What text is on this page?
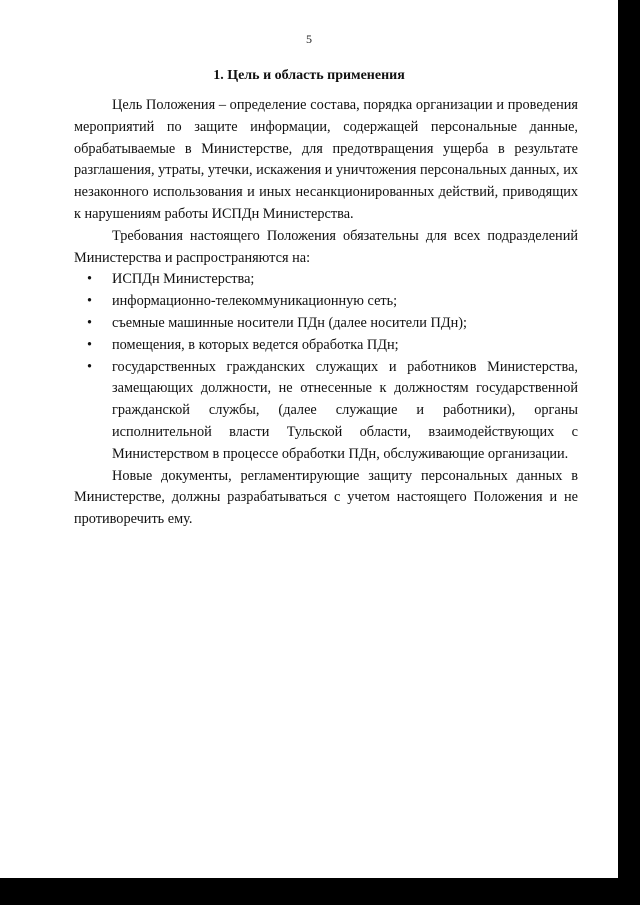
5
1. Цель и область применения

Цель Положения – определение состава, порядка организации и проведения мероприятий по защите информации, содержащей персональные данные, обрабатываемые в Министерстве, для предотвращения ущерба в результате разглашения, утраты, утечки, искажения и уничтожения персональных данных, их незаконного использования и иных несанкционированных действий, приводящих к нарушениям работы ИСПДн Министерства.

Требования настоящего Положения обязательны для всех подразделений Министерства и распространяются на:

• ИСПДн Министерства;
• информационно-телекоммуникационную сеть;
• съемные машинные носители ПДн (далее носители ПДн);
• помещения, в которых ведется обработка ПДн;
• государственных гражданских служащих и работников Министерства, замещающих должности, не отнесенные к должностям государственной гражданской службы, (далее служащие и работники), органы исполнительной власти Тульской области, взаимодействующих с Министерством в процессе обработки ПДн, обслуживающие организации.

Новые документы, регламентирующие защиту персональных данных в Министерстве, должны разрабатываться с учетом настоящего Положения и не противоречить ему.
